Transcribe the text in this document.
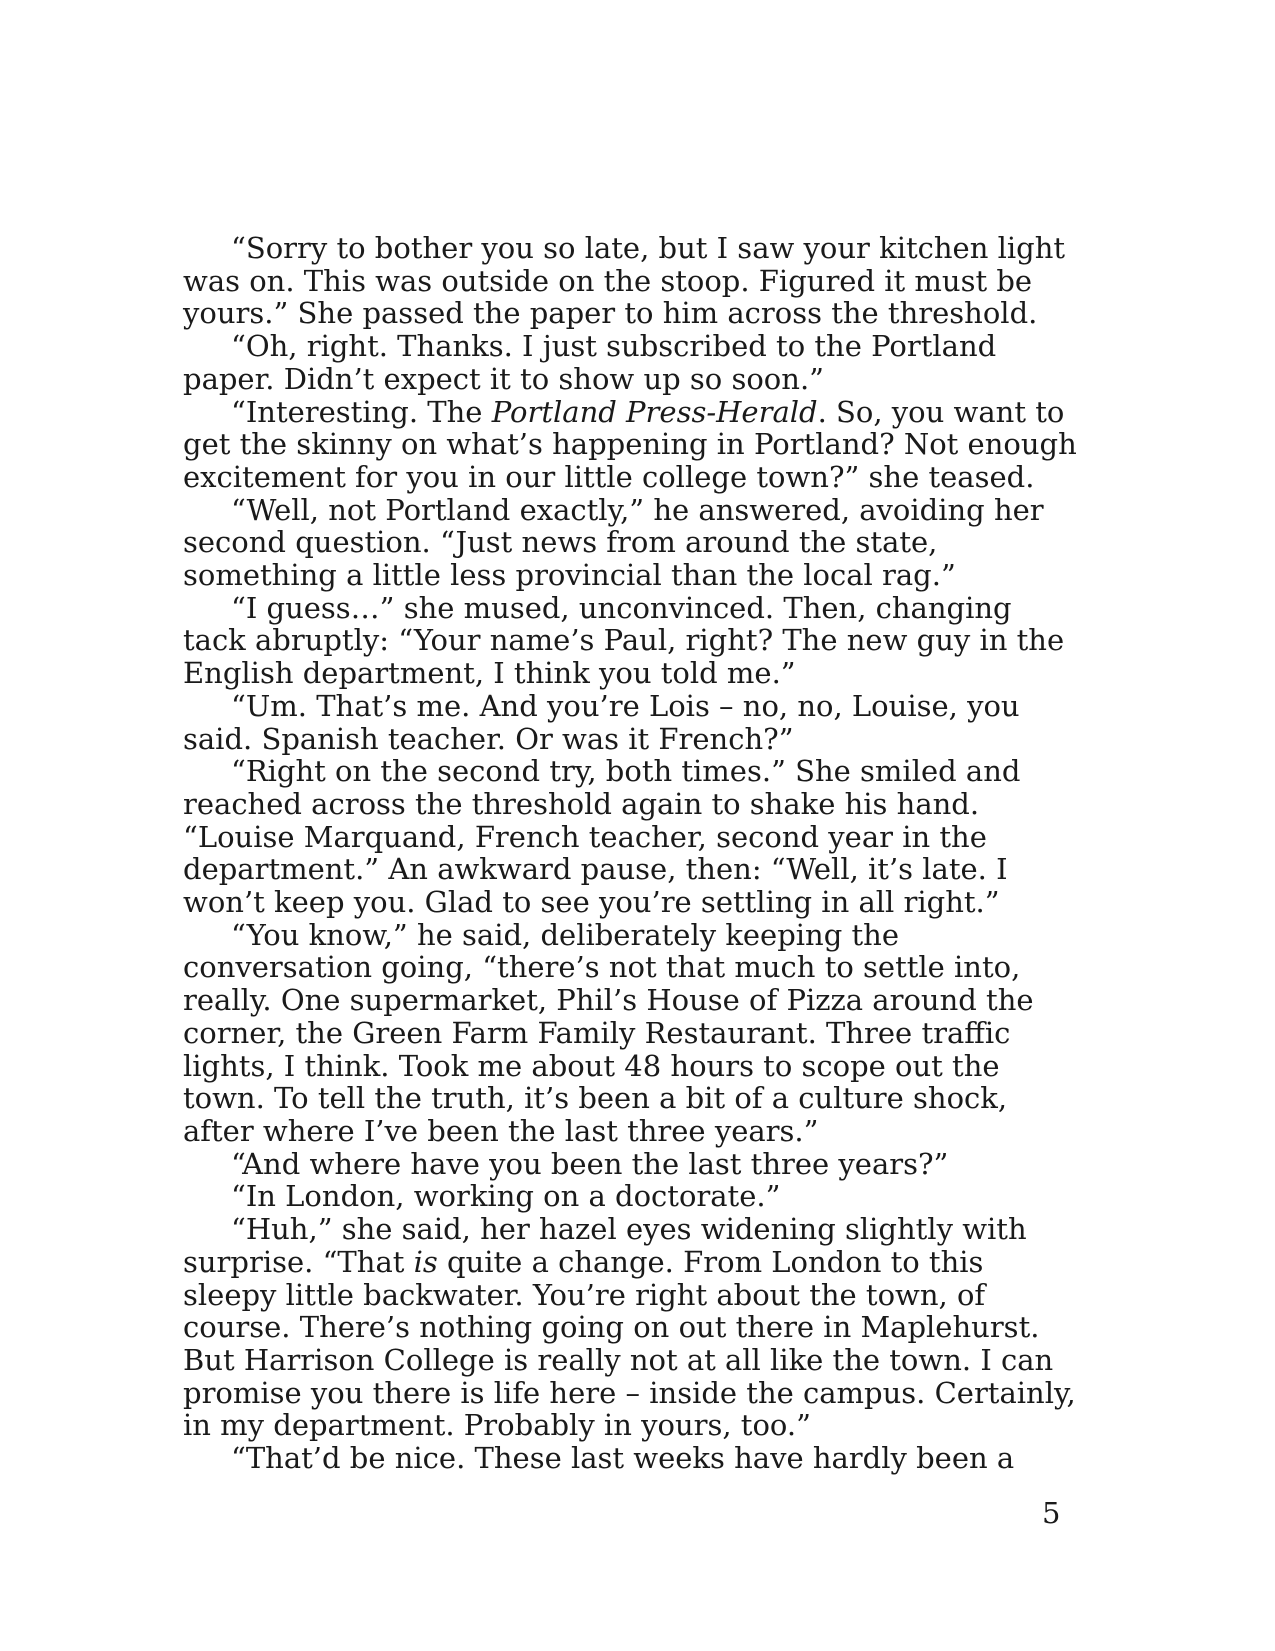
“Sorry to bother you so late, but I saw your kitchen light was on. This was outside on the stoop. Figured it must be yours.” She passed the paper to him across the threshold.

“Oh, right. Thanks. I just subscribed to the Portland paper. Didn’t expect it to show up so soon.”

“Interesting. The Portland Press-Herald. So, you want to get the skinny on what’s happening in Portland? Not enough excitement for you in our little college town?” she teased.

“Well, not Portland exactly,” he answered, avoiding her second question. “Just news from around the state, something a little less provincial than the local rag.”

“I guess…” she mused, unconvinced. Then, changing tack abruptly: “Your name’s Paul, right? The new guy in the English department, I think you told me.”

“Um. That’s me. And you’re Lois – no, no, Louise, you said. Spanish teacher. Or was it French?”

“Right on the second try, both times.” She smiled and reached across the threshold again to shake his hand. “Louise Marquand, French teacher, second year in the department.” An awkward pause, then: “Well, it’s late. I won’t keep you. Glad to see you’re settling in all right.”

“You know,” he said, deliberately keeping the conversation going, “there’s not that much to settle into, really. One supermarket, Phil’s House of Pizza around the corner, the Green Farm Family Restaurant. Three traffic lights, I think. Took me about 48 hours to scope out the town. To tell the truth, it’s been a bit of a culture shock, after where I’ve been the last three years.”

“And where have you been the last three years?”

“In London, working on a doctorate.”

“Huh,” she said, her hazel eyes widening slightly with surprise. “That is quite a change. From London to this sleepy little backwater. You’re right about the town, of course. There’s nothing going on out there in Maplehurst. But Harrison College is really not at all like the town. I can promise you there is life here – inside the campus. Certainly, in my department. Probably in yours, too.”

“That’d be nice. These last weeks have hardly been a

5
